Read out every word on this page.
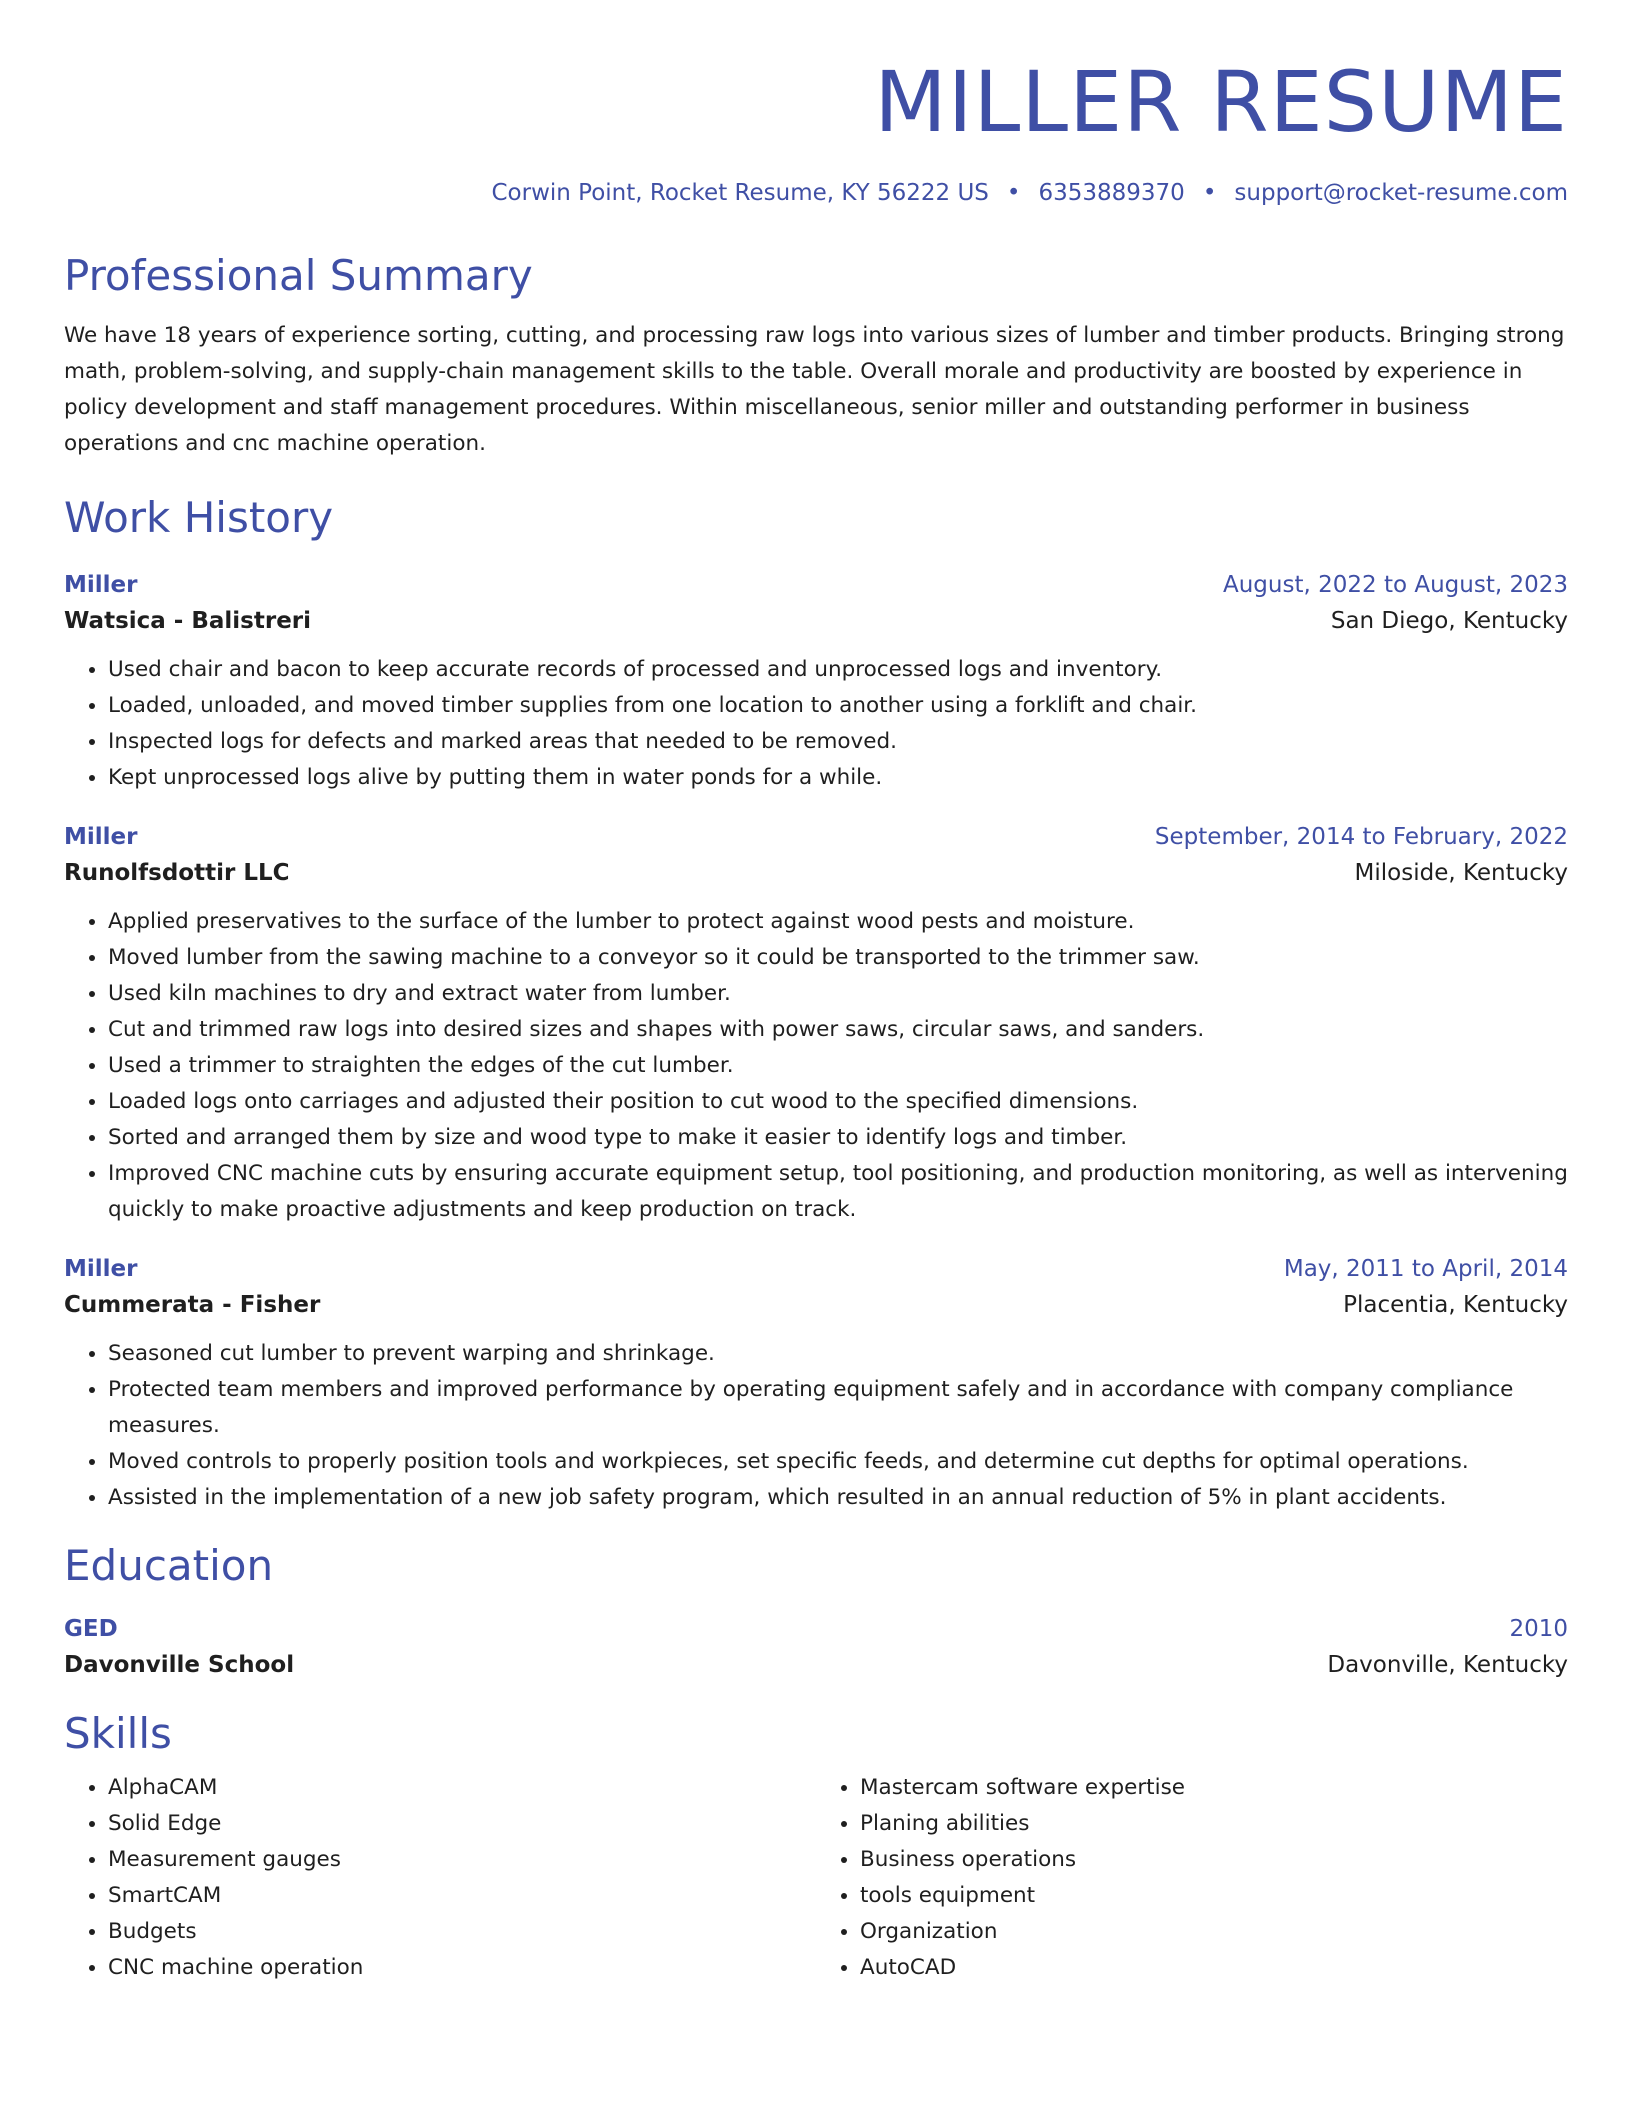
MILLER RESUME
Corwin Point, Rocket Resume, KY 56222 US • 6353889370 • support@rocket-resume.com
Professional Summary
We have 18 years of experience sorting, cutting, and processing raw logs into various sizes of lumber and timber products. Bringing strong math, problem-solving, and supply-chain management skills to the table. Overall morale and productivity are boosted by experience in policy development and staff management procedures. Within miscellaneous, senior miller and outstanding performer in business operations and cnc machine operation.
Work History
Miller	August, 2022 to August, 2023
Watsica - Balistreri	San Diego, Kentucky
• Used chair and bacon to keep accurate records of processed and unprocessed logs and inventory.
• Loaded, unloaded, and moved timber supplies from one location to another using a forklift and chair.
• Inspected logs for defects and marked areas that needed to be removed.
• Kept unprocessed logs alive by putting them in water ponds for a while.
Miller	September, 2014 to February, 2022
Runolfsdottir LLC	Miloside, Kentucky
• Applied preservatives to the surface of the lumber to protect against wood pests and moisture.
• Moved lumber from the sawing machine to a conveyor so it could be transported to the trimmer saw.
• Used kiln machines to dry and extract water from lumber.
• Cut and trimmed raw logs into desired sizes and shapes with power saws, circular saws, and sanders.
• Used a trimmer to straighten the edges of the cut lumber.
• Loaded logs onto carriages and adjusted their position to cut wood to the specified dimensions.
• Sorted and arranged them by size and wood type to make it easier to identify logs and timber.
• Improved CNC machine cuts by ensuring accurate equipment setup, tool positioning, and production monitoring, as well as intervening quickly to make proactive adjustments and keep production on track.
Miller	May, 2011 to April, 2014
Cummerata - Fisher	Placentia, Kentucky
• Seasoned cut lumber to prevent warping and shrinkage.
• Protected team members and improved performance by operating equipment safely and in accordance with company compliance measures.
• Moved controls to properly position tools and workpieces, set specific feeds, and determine cut depths for optimal operations.
• Assisted in the implementation of a new job safety program, which resulted in an annual reduction of 5% in plant accidents.
Education
GED	2010
Davonville School	Davonville, Kentucky
Skills
• AlphaCAM
• Solid Edge
• Measurement gauges
• SmartCAM
• Budgets
• CNC machine operation
• Mastercam software expertise
• Planing abilities
• Business operations
• tools equipment
• Organization
• AutoCAD
